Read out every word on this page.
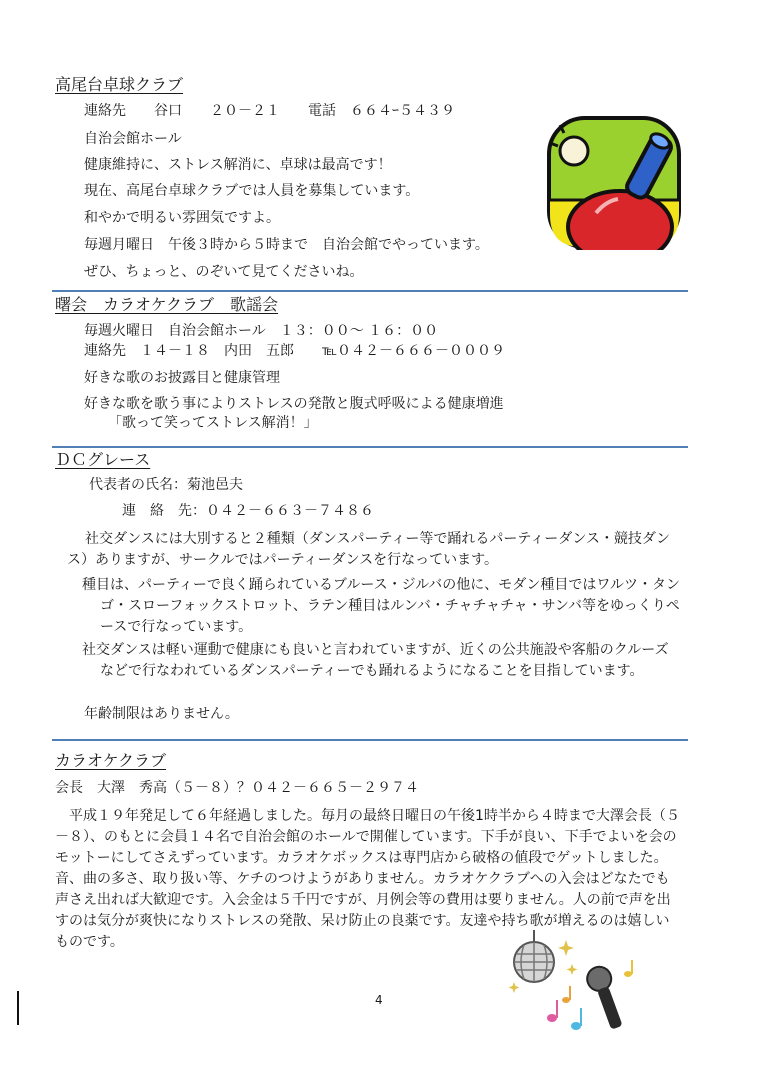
高尾台卓球クラブ
連絡先　　谷口　　２０－２１　　電話　６６４ｰ５４３９
自治会館ホール
健康維持に、ストレス解消に、卓球は最高です！
現在、高尾台卓球クラブでは人員を募集しています。
和やかで明るい雰囲気ですよ。
毎週月曜日　午後３時から５時まで　自治会館でやっています。
ぜひ、ちょっと、のぞいて見てくださいね。
曙会　カラオケクラブ　歌謡会
毎週火曜日　自治会館ホール　１３：００～ １６：００
連絡先　１４－１８　内田　五郎　　℡０４２－６６６－０００９
好きな歌のお披露目と健康管理
好きな歌を歌う事によりストレスの発散と腹式呼吸による健康増進
「歌って笑ってストレス解消！」
ＤＣグレース
代表者の氏名：菊池邑夫
連　絡　先：０４２－６６３－７４８６
社交ダンスには大別すると２種類（ダンスパーティー等で踊れるパーティーダンス・競技ダンス）ありますが、サークルではパーティーダンスを行なっています。
種目は、パーティーで良く踊られているブルース・ジルバの他に、モダン種目ではワルツ・タンゴ・スローフォックストロット、ラテン種目はルンバ・チャチャチャ・サンバ等をゆっくりペースで行なっています。
社交ダンスは軽い運動で健康にも良いと言われていますが、近くの公共施設や客船のクルーズなどで行なわれているダンスパーティーでも踊れるようになることを目指しています。
年齢制限はありません。
カラオケクラブ
会長　大澤　秀高（５－８）？０４２－６６５－２９７４
平成１９年発足して６年経過しました。毎月の最終日曜日の午後1時半から４時まで大澤会長（５－８）、のもとに会員１４名で自治会館のホールで開催しています。下手が良い、下手でよいを会のモットーにしてさえずっています。カラオケボックスは専門店から破格の値段でゲットしました。音、曲の多さ、取り扱い等、ケチのつけようがありません。カラオケクラブへの入会はどなたでも声さえ出れば大歓迎です。入会金は５千円ですが、月例会等の費用は要りません。人の前で声を出すのは気分が爽快になりストレスの発散、呆け防止の良薬です。友達や持ち歌が増えるのは嬉しいものです。
4
